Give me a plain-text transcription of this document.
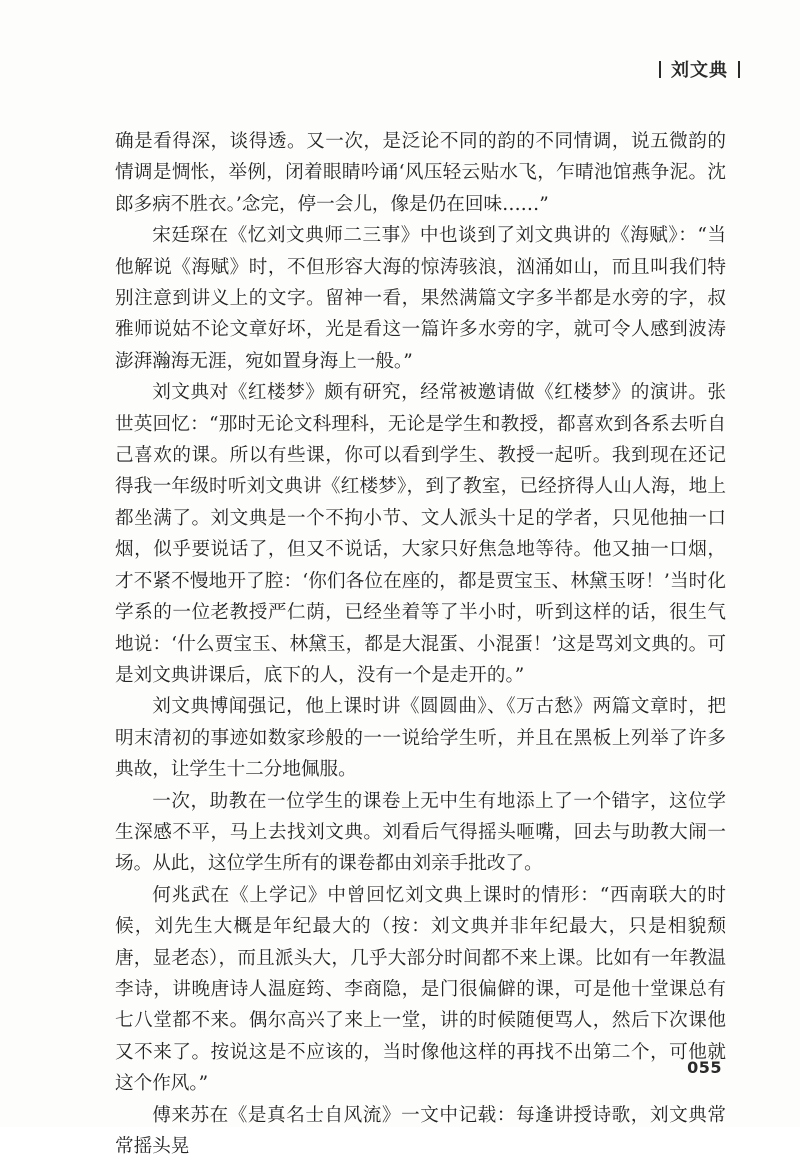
刘文典

确是看得深，谈得透。又一次，是泛论不同的韵的不同情调，说五微韵的情调是惆怅，举例，闭着眼睛吟诵‘风压轻云贴水飞，乍晴池馆燕争泥。沈郎多病不胜衣。’念完，停一会儿，像是仍在回味……”

宋廷琛在《忆刘文典师二三事》中也谈到了刘文典讲的《海赋》：“当他解说《海赋》时，不但形容大海的惊涛骇浪，汹涌如山，而且叫我们特别注意到讲义上的文字。留神一看，果然满篇文字多半都是水旁的字，叔雅师说姑不论文章好坏，光是看这一篇许多水旁的字，就可令人感到波涛澎湃瀚海无涯，宛如置身海上一般。”

刘文典对《红楼梦》颇有研究，经常被邀请做《红楼梦》的演讲。张世英回忆：“那时无论文科理科，无论是学生和教授，都喜欢到各系去听自己喜欢的课。所以有些课，你可以看到学生、教授一起听。我到现在还记得我一年级时听刘文典讲《红楼梦》，到了教室，已经挤得人山人海，地上都坐满了。刘文典是一个不拘小节、文人派头十足的学者，只见他抽一口烟，似乎要说话了，但又不说话，大家只好焦急地等待。他又抽一口烟，才不紧不慢地开了腔：‘你们各位在座的，都是贾宝玉、林黛玉呀！’当时化学系的一位老教授严仁荫，已经坐着等了半小时，听到这样的话，很生气地说：‘什么贾宝玉、林黛玉，都是大混蛋、小混蛋！’这是骂刘文典的。可是刘文典讲课后，底下的人，没有一个是走开的。”

刘文典博闻强记，他上课时讲《圆圆曲》、《万古愁》两篇文章时，把明末清初的事迹如数家珍般的一一说给学生听，并且在黑板上列举了许多典故，让学生十二分地佩服。

一次，助教在一位学生的课卷上无中生有地添上了一个错字，这位学生深感不平，马上去找刘文典。刘看后气得摇头咂嘴，回去与助教大闹一场。从此，这位学生所有的课卷都由刘亲手批改了。

何兆武在《上学记》中曾回忆刘文典上课时的情形：“西南联大的时候，刘先生大概是年纪最大的（按：刘文典并非年纪最大，只是相貌颓唐，显老态），而且派头大，几乎大部分时间都不来上课。比如有一年教温李诗，讲晚唐诗人温庭筠、李商隐，是门很偏僻的课，可是他十堂课总有七八堂都不来。偶尔高兴了来上一堂，讲的时候随便骂人，然后下次课他又不来了。按说这是不应该的，当时像他这样的再找不出第二个，可他就这个作风。”

傅来苏在《是真名士自风流》一文中记载：每逢讲授诗歌，刘文典常常摇头晃

055
